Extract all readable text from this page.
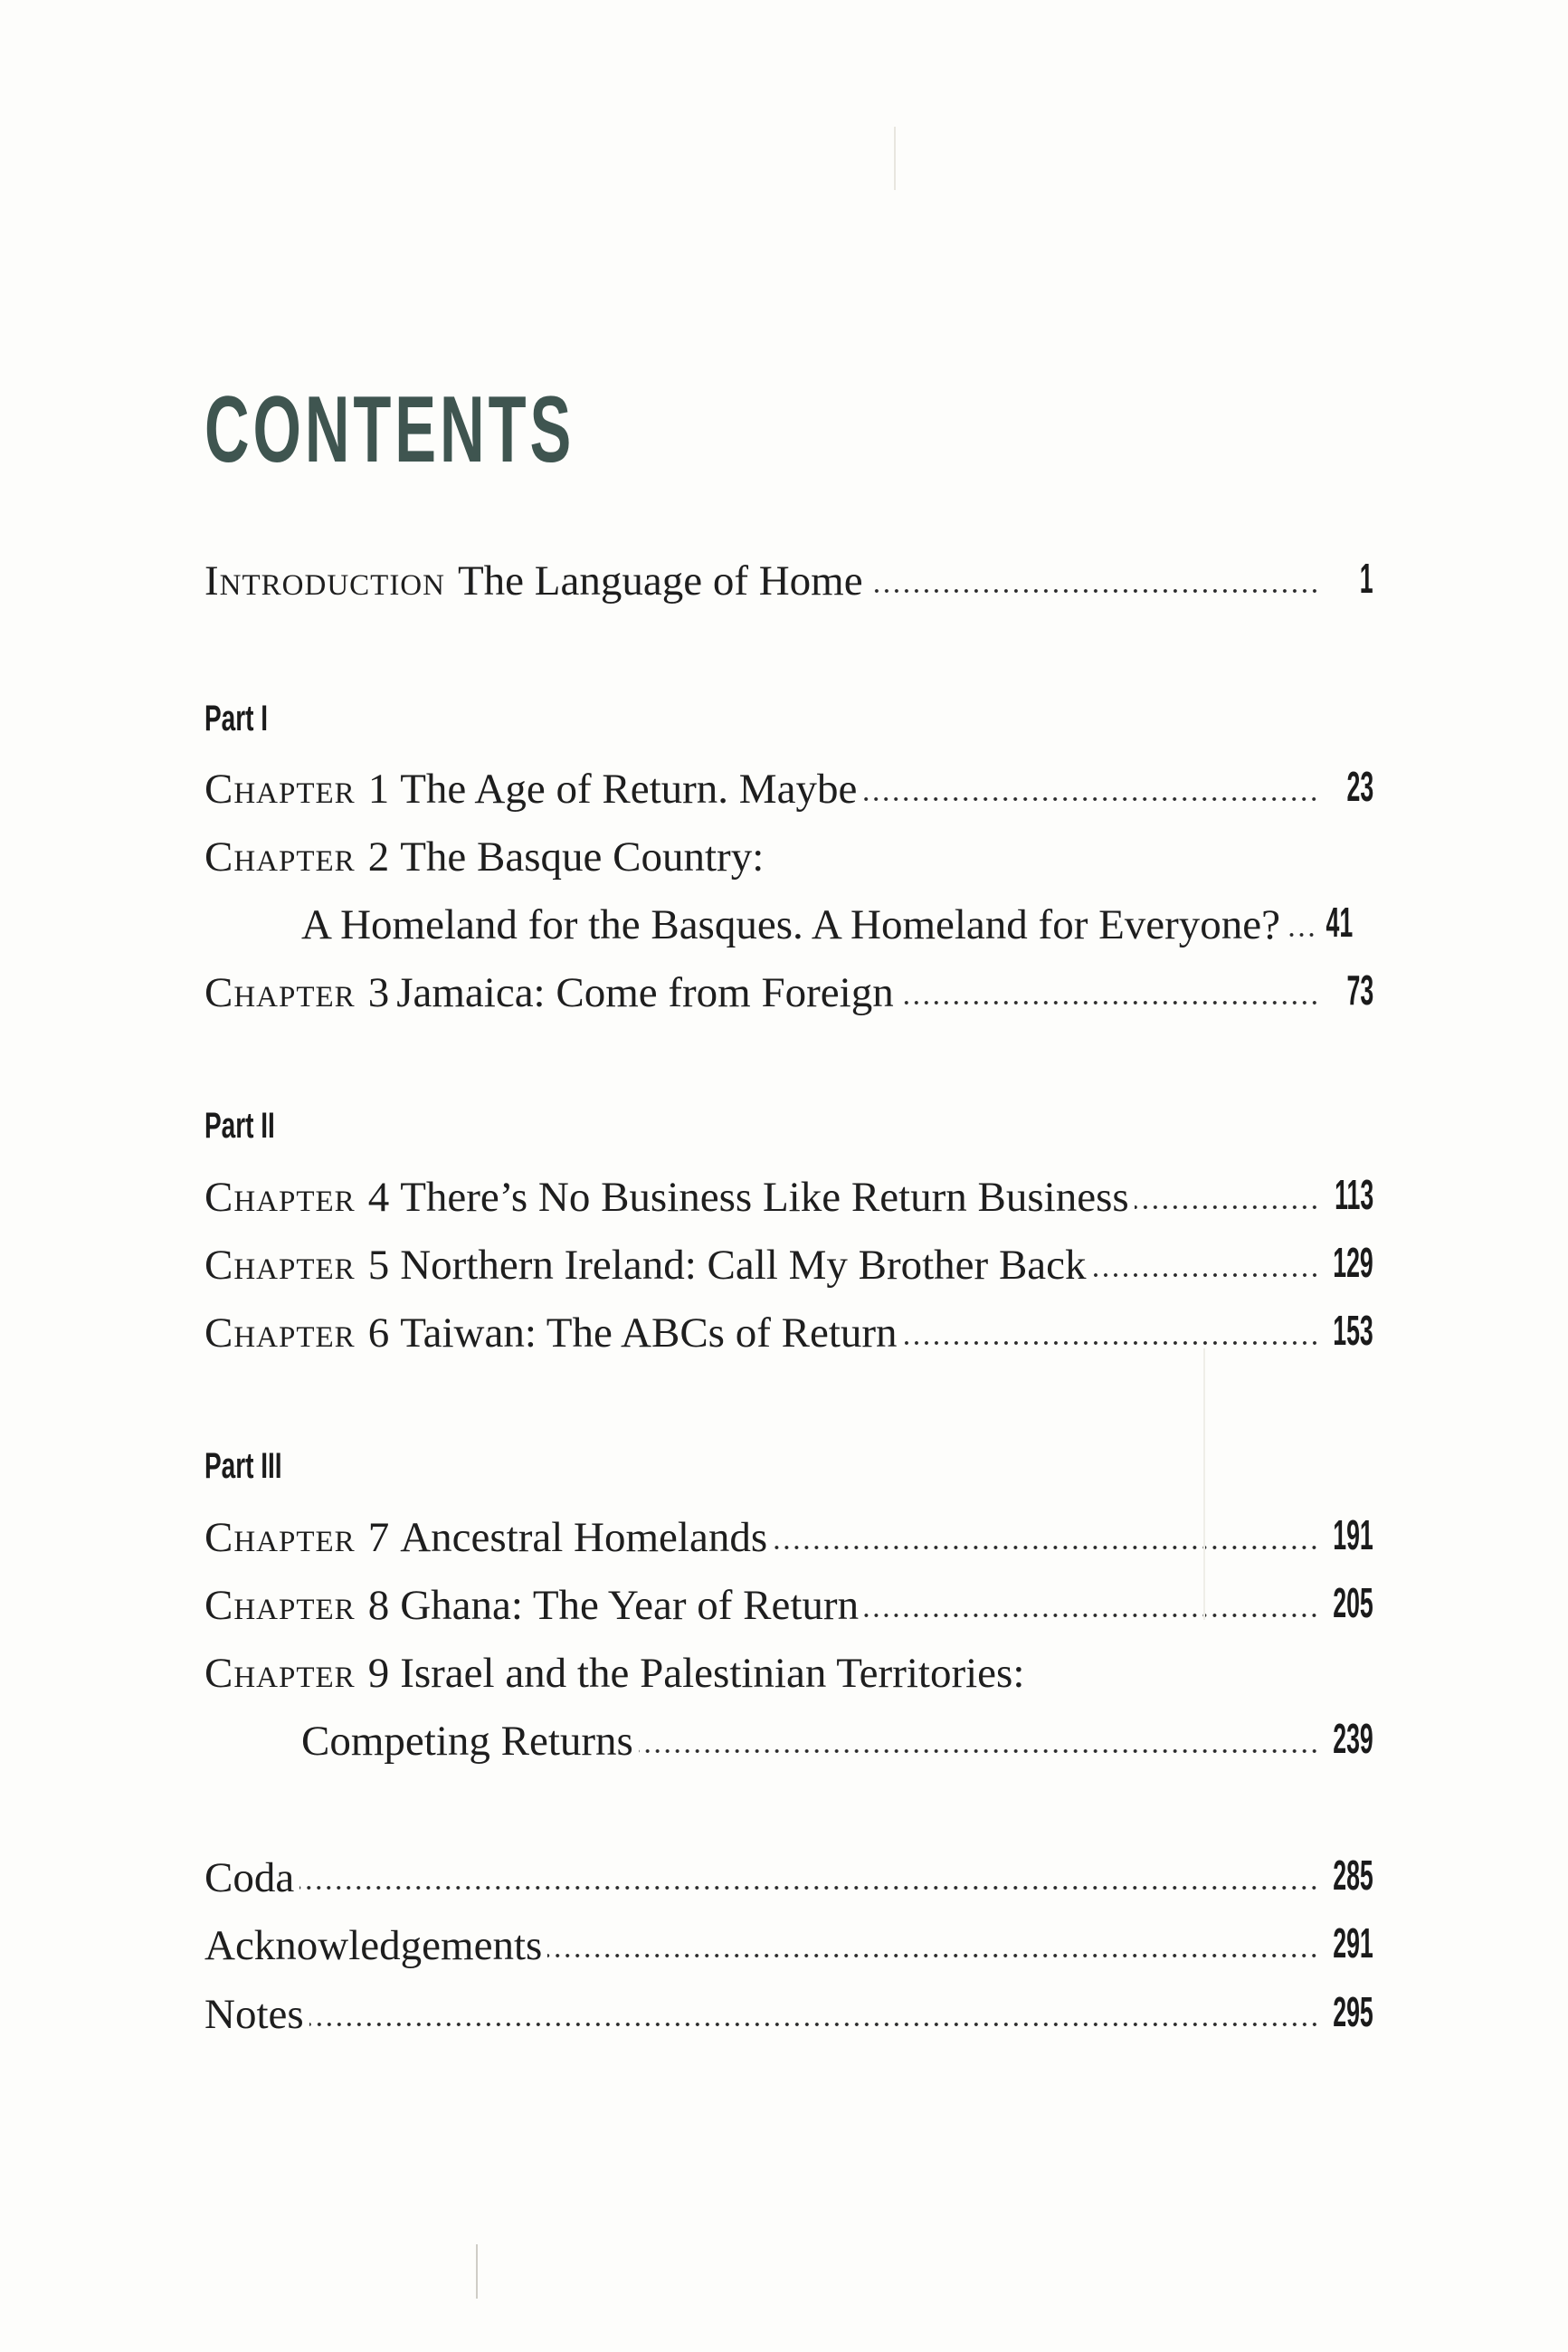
CONTENTS
Introduction The Language of Home	1
Part I
Chapter 1 The Age of Return. Maybe	23
Chapter 2 The Basque Country:
A Homeland for the Basques. A Homeland for Everyone? 41
Chapter 3 Jamaica: Come from Foreign	73
Part II
Chapter 4 There’s No Business Like Return Business	113
Chapter 5 Northern Ireland: Call My Brother Back	129
Chapter 6 Taiwan: The ABCs of Return	153
Part III
Chapter 7 Ancestral Homelands	191
Chapter 8 Ghana: The Year of Return	205
Chapter 9 Israel and the Palestinian Territories:
Competing Returns	239
Coda	285
Acknowledgements	291
Notes	295
